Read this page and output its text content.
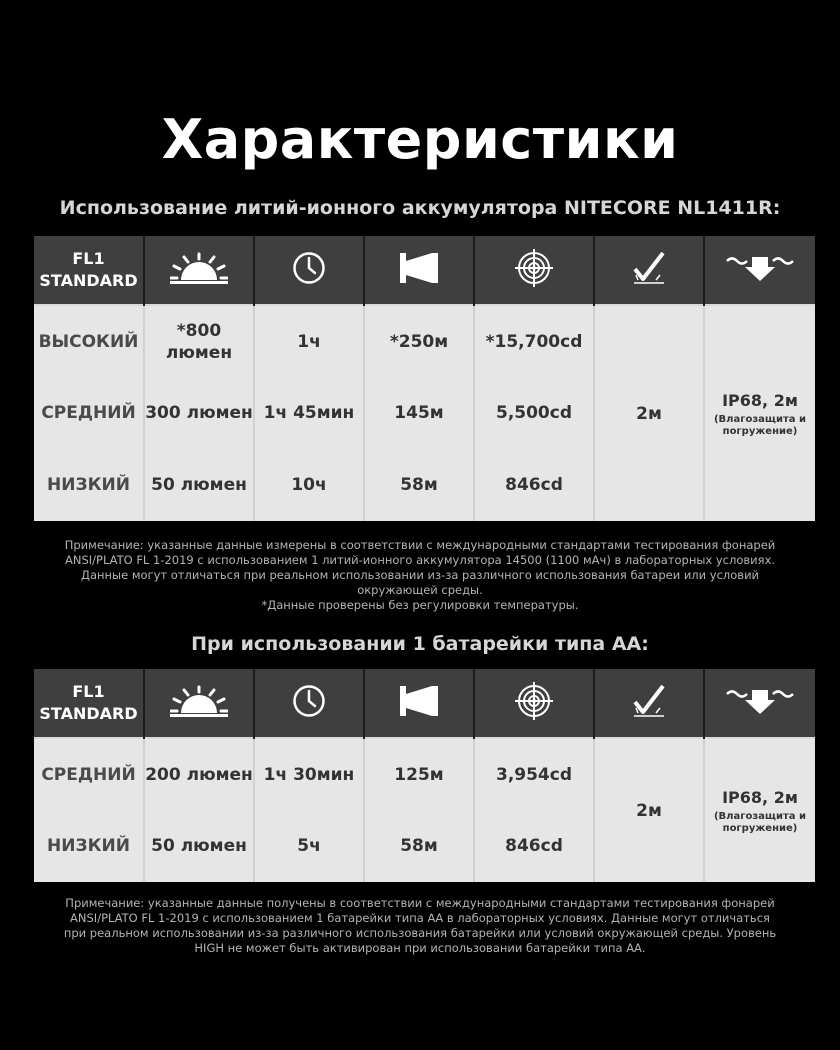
Характеристики
Использование литий-ионного аккумулятора NITECORE NL1411R:
FL1
STANDARD						
ВЫСОКИЙ	*800 люмен	1ч	*250м	*15,700cd	2м	IP68, 2м
(Влагозащита и погружение)

СРЕДНИЙ	300 люмен	1ч 45мин	145м	5,500cd		
НИЗКИЙ	50 люмен	10ч	58м	846cd		
Примечание: указанные данные измерены в соответствии с международными стандартами тестирования фонарей ANSI/PLATO FL 1-2019 с использованием 1 литий-ионного аккумулятора 14500 (1100 мАч) в лабораторных условиях. Данные могут отличаться при реальном использовании из-за различного использования батареи или условий окружающей среды.
*Данные проверены без регулировки температуры.
При использовании 1 батарейки типа АА:
FL1
STANDARD						
СРЕДНИЙ	200 люмен	1ч 30мин	125м	3,954cd	2м	IP68, 2м
(Влагозащита и погружение)

НИЗКИЙ	50 люмен	5ч	58м	846cd		
Примечание: указанные данные получены в соответствии с международными стандартами тестирования фонарей ANSI/PLATO FL 1-2019 с использованием 1 батарейки типа АА в лабораторных условиях. Данные могут отличаться при реальном использовании из-за различного использования батарейки или условий окружающей среды. Уровень HIGH не может быть активирован при использовании батарейки типа АА.
